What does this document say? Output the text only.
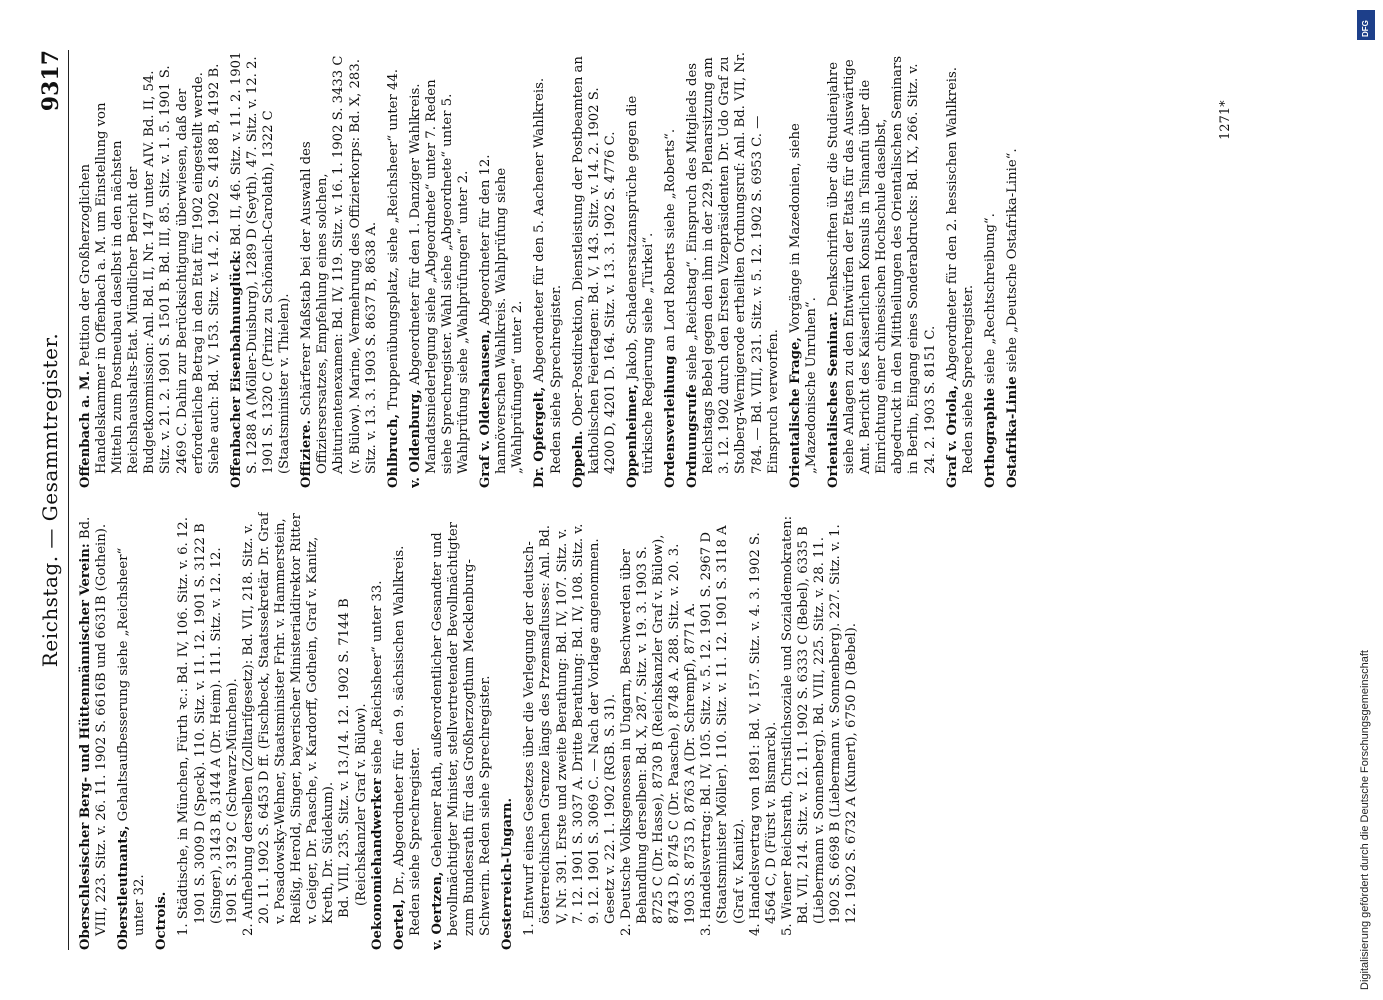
Reichstag. — Gesammtregister.
9317

Oberschlesischer Berg- und Hüttenmännischer Verein: Bd. VIII, 223. Sitz. v. 26. 11. 1902 S. 6616B und 6631B (Gothein). Oberstleutnants, Gehaltsaufbesserung siehe „Reichsheer“ unter 32. Octrois. 1. Städtische, in München, Fürth ꝛc.: Bd. IV, 106. Sitz. v. 6. 12. 1901 S. 3009 D (Speck). 110. Sitz. v. 11. 12. 1901 S. 3122 B (Singer), 3143 B, 3144 A (Dr. Heim). 111. Sitz. v. 12. 12. 1901 S. 3192 C (Schwarz-München). 2. Aufhebung derselben (Zolltarifgesetz): Bd. VII, 218. Sitz. v. 20. 11. 1902 S. 6453 D ff. (Fischbeck, Staatssekretär Dr. Graf v. Posadowsky-Wehner, Staatsminister Frhr. v. Hammerstein, Reißig, Herold, Singer, bayerischer Ministerialdirektor Ritter v. Geiger, Dr. Paasche, v. Kardorff, Gothein, Graf v. Kanitz, Kreth, Dr. Südekum). Bd. VIII, 235. Sitz. v. 13./14. 12. 1902 S. 7144 B (Reichskanzler Graf v. Bülow). Oekonomiehandwerker siehe „Reichsheer“ unter 33.

Oertel, Dr., Abgeordneter für den 9. sächsischen Wahlkreis. Reden siehe Sprechregister. v. Oertzen, Geheimer Rath, außerordentlicher Gesandter und bevollmächtigter Minister, stellvertretender Bevollmächtigter zum Bundesrath für das Großherzogthum Mecklenburg-Schwerin. Reden siehe Sprechregister. Oesterreich-Ungarn. 1. Entwurf eines Gesetzes über die Verlegung der deutsch-österreichischen Grenze längs des Przemsaflusses: Anl. Bd. V, Nr. 391. Erste und zweite Berathung: Bd. IV, 107. Sitz. v. 7. 12. 1901 S. 3037 A. Dritte Berathung: Bd. IV, 108. Sitz. v. 9. 12. 1901 S. 3069 C. — Nach der Vorlage angenommen. Gesetz v. 22. 1. 1902 (RGB. S. 31). 2. Deutsche Volksgenossen in Ungarn, Beschwerden über Behandlung derselben: Bd. X, 287. Sitz. v. 19. 3. 1903 S. 8725 C (Dr. Hasse), 8730 B (Reichskanzler Graf v. Bülow), 8743 D, 8745 C (Dr. Paasche), 8748 A. 288. Sitz. v. 20. 3. 1903 S. 8753 D, 8763 A (Dr. Schrempf), 8771 A. 3. Handelsvertrag: Bd. IV, 105. Sitz. v. 5. 12. 1901 S. 2967 D (Staatsminister Möller). 110. Sitz. v. 11. 12. 1901 S. 3118 A (Graf v. Kanitz). 4. Handelsvertrag von 1891: Bd. V, 157. Sitz. v. 4. 3. 1902 S. 4564 C, D (Fürst v. Bismarck). 5. Wiener Reichsrath, Christlichsoziale und Sozialdemokraten: Bd. VII, 214. Sitz. v. 12. 11. 1902 S. 6333 C (Bebel), 6335 B (Liebermann v. Sonnenberg). Bd. VIII, 225. Sitz. v. 28. 11. 1902 S. 6698 B (Liebermann v. Sonnenberg). 227. Sitz. v. 1. 12. 1902 S. 6732 A (Kunert), 6750 D (Bebel).

Offenbach a. M. Petition der Großherzoglichen Handelskammer in Offenbach a. M. um Einstellung von Mitteln zum Postneubau daselbst in den nächsten Reichshaushalts-Etat. Mündlicher Bericht der Budgetkommission: Anl. Bd. II, Nr. 147 unter AIV. Bd. II, 54. Sitz. v. 21. 2. 1901 S. 1501 B. Bd. III, 85. Sitz. v. 1. 5. 1901 S. 2469 C. Dahin zur Berücksichtigung überwiesen, daß der erforderliche Betrag in den Etat für 1902 eingestellt werde. Siehe auch: Bd. V, 153. Sitz. v. 14. 2. 1902 S. 4188 B, 4192 B. Offenbacher Eisenbahnunglück: Bd. II, 46. Sitz. v. 11. 2. 1901 S. 1288 A (Möller-Duisburg), 1289 D (Seyth). 47. Sitz. v. 12. 2. 1901 S. 1320 C (Prinz zu Schönaich-Carolath), 1322 C (Staatsminister v. Thielen). Offiziere. Schärferer Maßstab bei der Auswahl des Offiziersersatzes, Empfehlung eines solchen, Abiturientenexamen: Bd. IV, 119. Sitz. v. 16. 1. 1902 S. 3433 C (v. Bülow). Marine, Vermehrung des Offizierkorps: Bd. X, 283. Sitz. v. 13. 3. 1903 S. 8637 B, 8638 A. Ohlbruch, Truppenübungsplatz, siehe „Reichsheer“ unter 44.

v. Oldenburg, Abgeordneter für den 1. Danziger Wahlkreis. Mandatsniederlegung siehe „Abgeordnete“ unter 7. Reden siehe Sprechregister. Wahl siehe „Abgeordnete“ unter 5. Wahlprüfung siehe „Wahlprüfungen“ unter 2. Graf v. Oldershausen, Abgeordneter für den 12. hannöverschen Wahlkreis. Wahlprüfung siehe „Wahlprüfungen“ unter 2. Dr. Opfergelt, Abgeordneter für den 5. Aachener Wahlkreis. Reden siehe Sprechregister. Oppeln. Ober-Postdirektion, Dienstleistung der Postbeamten an katholischen Feiertagen: Bd. V, 143. Sitz. v. 14. 2. 1902 S. 4200 D, 4201 D. 164. Sitz. v. 13. 3. 1902 S. 4776 C. Oppenheimer, Jakob, Schadenersatzansprüche gegen die türkische Regierung siehe „Türkei“. Ordensverleihung an Lord Roberts siehe „Roberts“.

Ordnungsrufe siehe „Reichstag“. Einspruch des Mitglieds des Reichstags Bebel gegen den ihm in der 229. Plenarsitzung am 3. 12. 1902 durch den Ersten Vizepräsidenten Dr. Udo Graf zu Stolberg-Wernigerode ertheilten Ordnungsruf: Anl. Bd. VII, Nr. 784. — Bd. VIII, 231. Sitz. v. 5. 12. 1902 S. 6953 C. — Einspruch verworfen. Orientalische Frage, Vorgänge in Mazedonien, siehe „Mazedonische Unruhen“. Orientalisches Seminar. Denkschriften über die Studienjahre siehe Anlagen zu den Entwürfen der Etats für das Auswärtige Amt. Bericht des Kaiserlichen Konsuls in Tsinanfu über die Einrichtung einer chinesischen Hochschule daselbst, abgedruckt in den Mittheilungen des Orientalischen Seminars in Berlin, Eingang eines Sonderabdrucks: Bd. IX, 266. Sitz. v. 24. 2. 1903 S. 8151 C. Graf v. Oriola, Abgeordneter für den 2. hessischen Wahlkreis. Reden siehe Sprechregister. Orthographie siehe „Rechtschreibung“.

Ostafrika-Linie siehe „Deutsche Ostafrika-Linie“.

1271*
Digitalisierung gefördert durch die Deutsche Forschungsgemeinschaft
DFG
